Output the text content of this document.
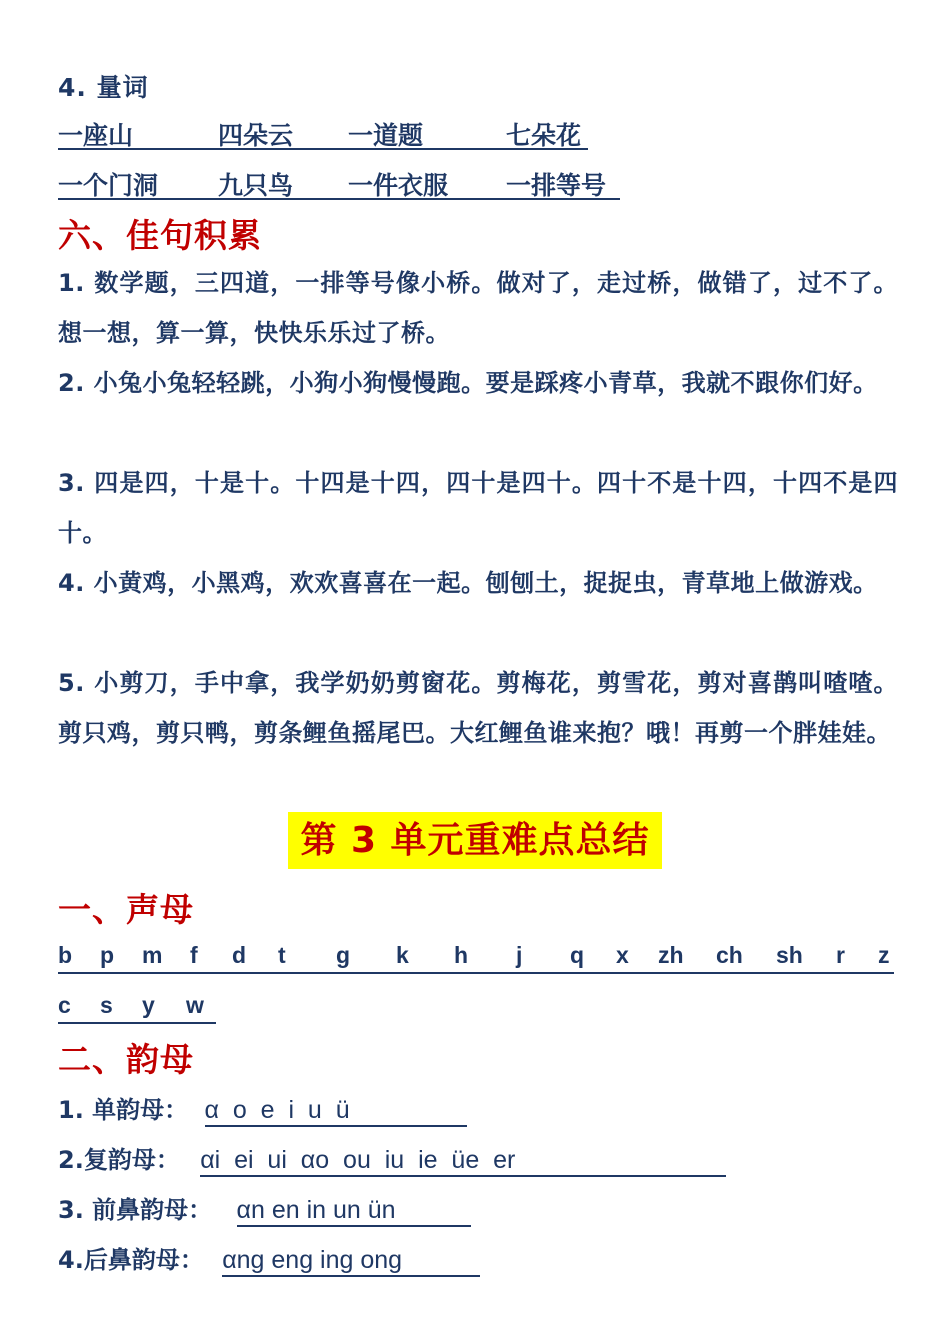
4. 量词
一座山	四朵云 一道题	七朵花
一个门洞 九只鸟 一件衣服 一排等号
六、佳句积累
1. 数学题，三四道，一排等号像小桥。做对了，走过桥，做错了，过不了。想一想，算一算，快快乐乐过了桥。
2. 小兔小兔轻轻跳，小狗小狗慢慢跑。要是踩疼小青草，我就不跟你们好。
3. 四是四，十是十。十四是十四，四十是四十。四十不是十四，十四不是四十。
4. 小黄鸡，小黑鸡，欢欢喜喜在一起。刨刨土，捉捉虫，青草地上做游戏。
5. 小剪刀，手中拿，我学奶奶剪窗花。剪梅花，剪雪花，剪对喜鹊叫喳喳。剪只鸡，剪只鸭，剪条鲤鱼摇尾巴。大红鲤鱼谁来抱？哦！再剪一个胖娃娃。
第 3 单元重难点总结
一、声母
b p m f d t g k h j q x zh ch sh r z
c s y w
二、韵母
1. 单韵母： α  o  e  i  u  ü
2.复韵母： αi  ei  ui  αo  ou  iu  ie  üe  er
3. 前鼻韵母： αn en in un ün
4.后鼻韵母： αng eng ing ong
